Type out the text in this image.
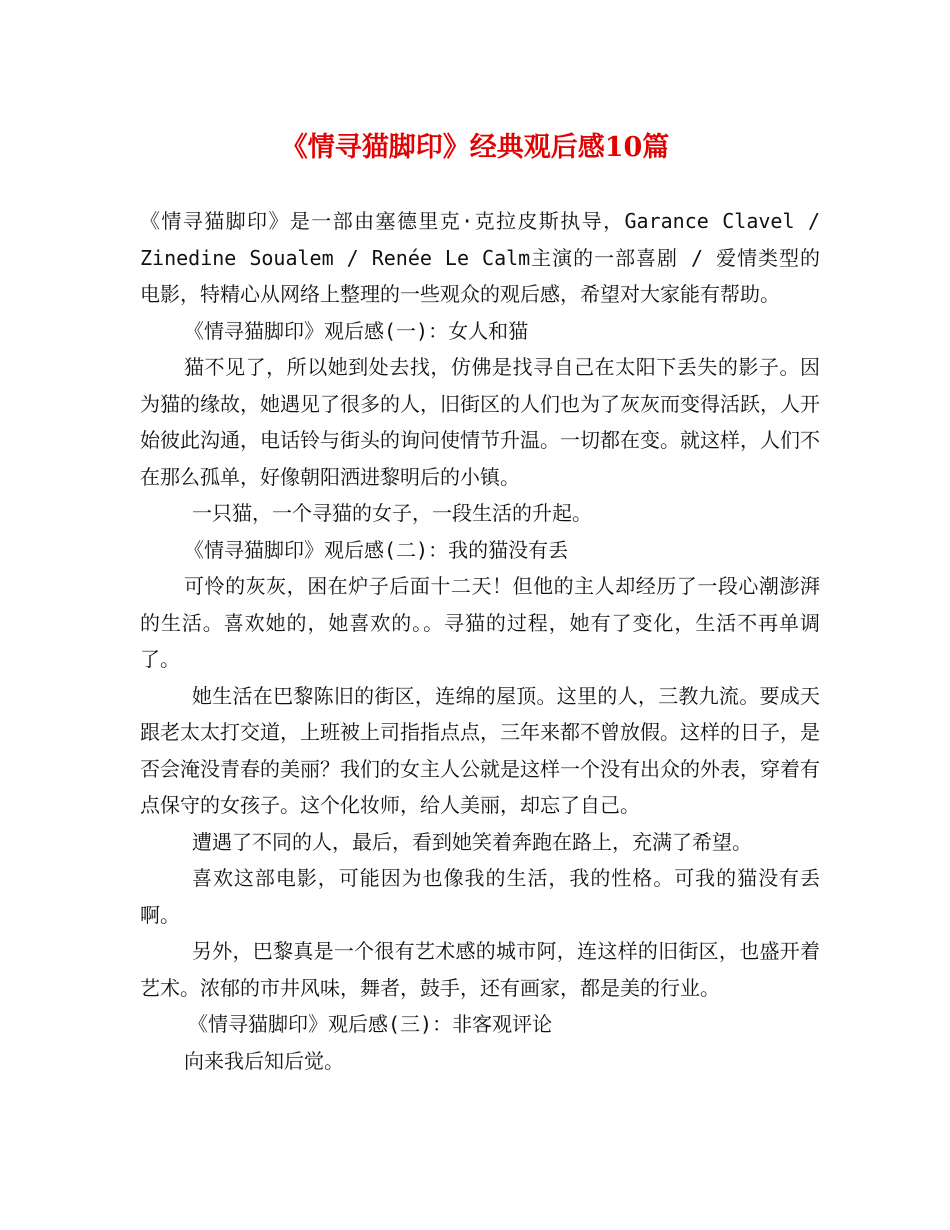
《情寻猫脚印》经典观后感10篇

《情寻猫脚印》是一部由塞德里克·克拉皮斯执导，Garance Clavel / Zinedine Soualem / Renée Le Calm主演的一部喜剧 / 爱情类型的电影，特精心从网络上整理的一些观众的观后感，希望对大家能有帮助。

《情寻猫脚印》观后感(一)：女人和猫

猫不见了，所以她到处去找，仿佛是找寻自己在太阳下丢失的影子。因为猫的缘故，她遇见了很多的人，旧街区的人们也为了灰灰而变得活跃，人开始彼此沟通，电话铃与街头的询问使情节升温。一切都在变。就这样，人们不在那么孤单，好像朝阳洒进黎明后的小镇。

一只猫，一个寻猫的女子，一段生活的升起。

《情寻猫脚印》观后感(二)：我的猫没有丢

可怜的灰灰，困在炉子后面十二天！但他的主人却经历了一段心潮澎湃的生活。喜欢她的，她喜欢的。。寻猫的过程，她有了变化，生活不再单调了。

她生活在巴黎陈旧的街区，连绵的屋顶。这里的人，三教九流。要成天跟老太太打交道，上班被上司指指点点，三年来都不曾放假。这样的日子，是否会淹没青春的美丽？我们的女主人公就是这样一个没有出众的外表，穿着有点保守的女孩子。这个化妆师，给人美丽，却忘了自己。

遭遇了不同的人，最后，看到她笑着奔跑在路上，充满了希望。

喜欢这部电影，可能因为也像我的生活，我的性格。可我的猫没有丢啊。

另外，巴黎真是一个很有艺术感的城市阿，连这样的旧街区，也盛开着艺术。浓郁的市井风味，舞者，鼓手，还有画家，都是美的行业。

《情寻猫脚印》观后感(三)：非客观评论

向来我后知后觉。
